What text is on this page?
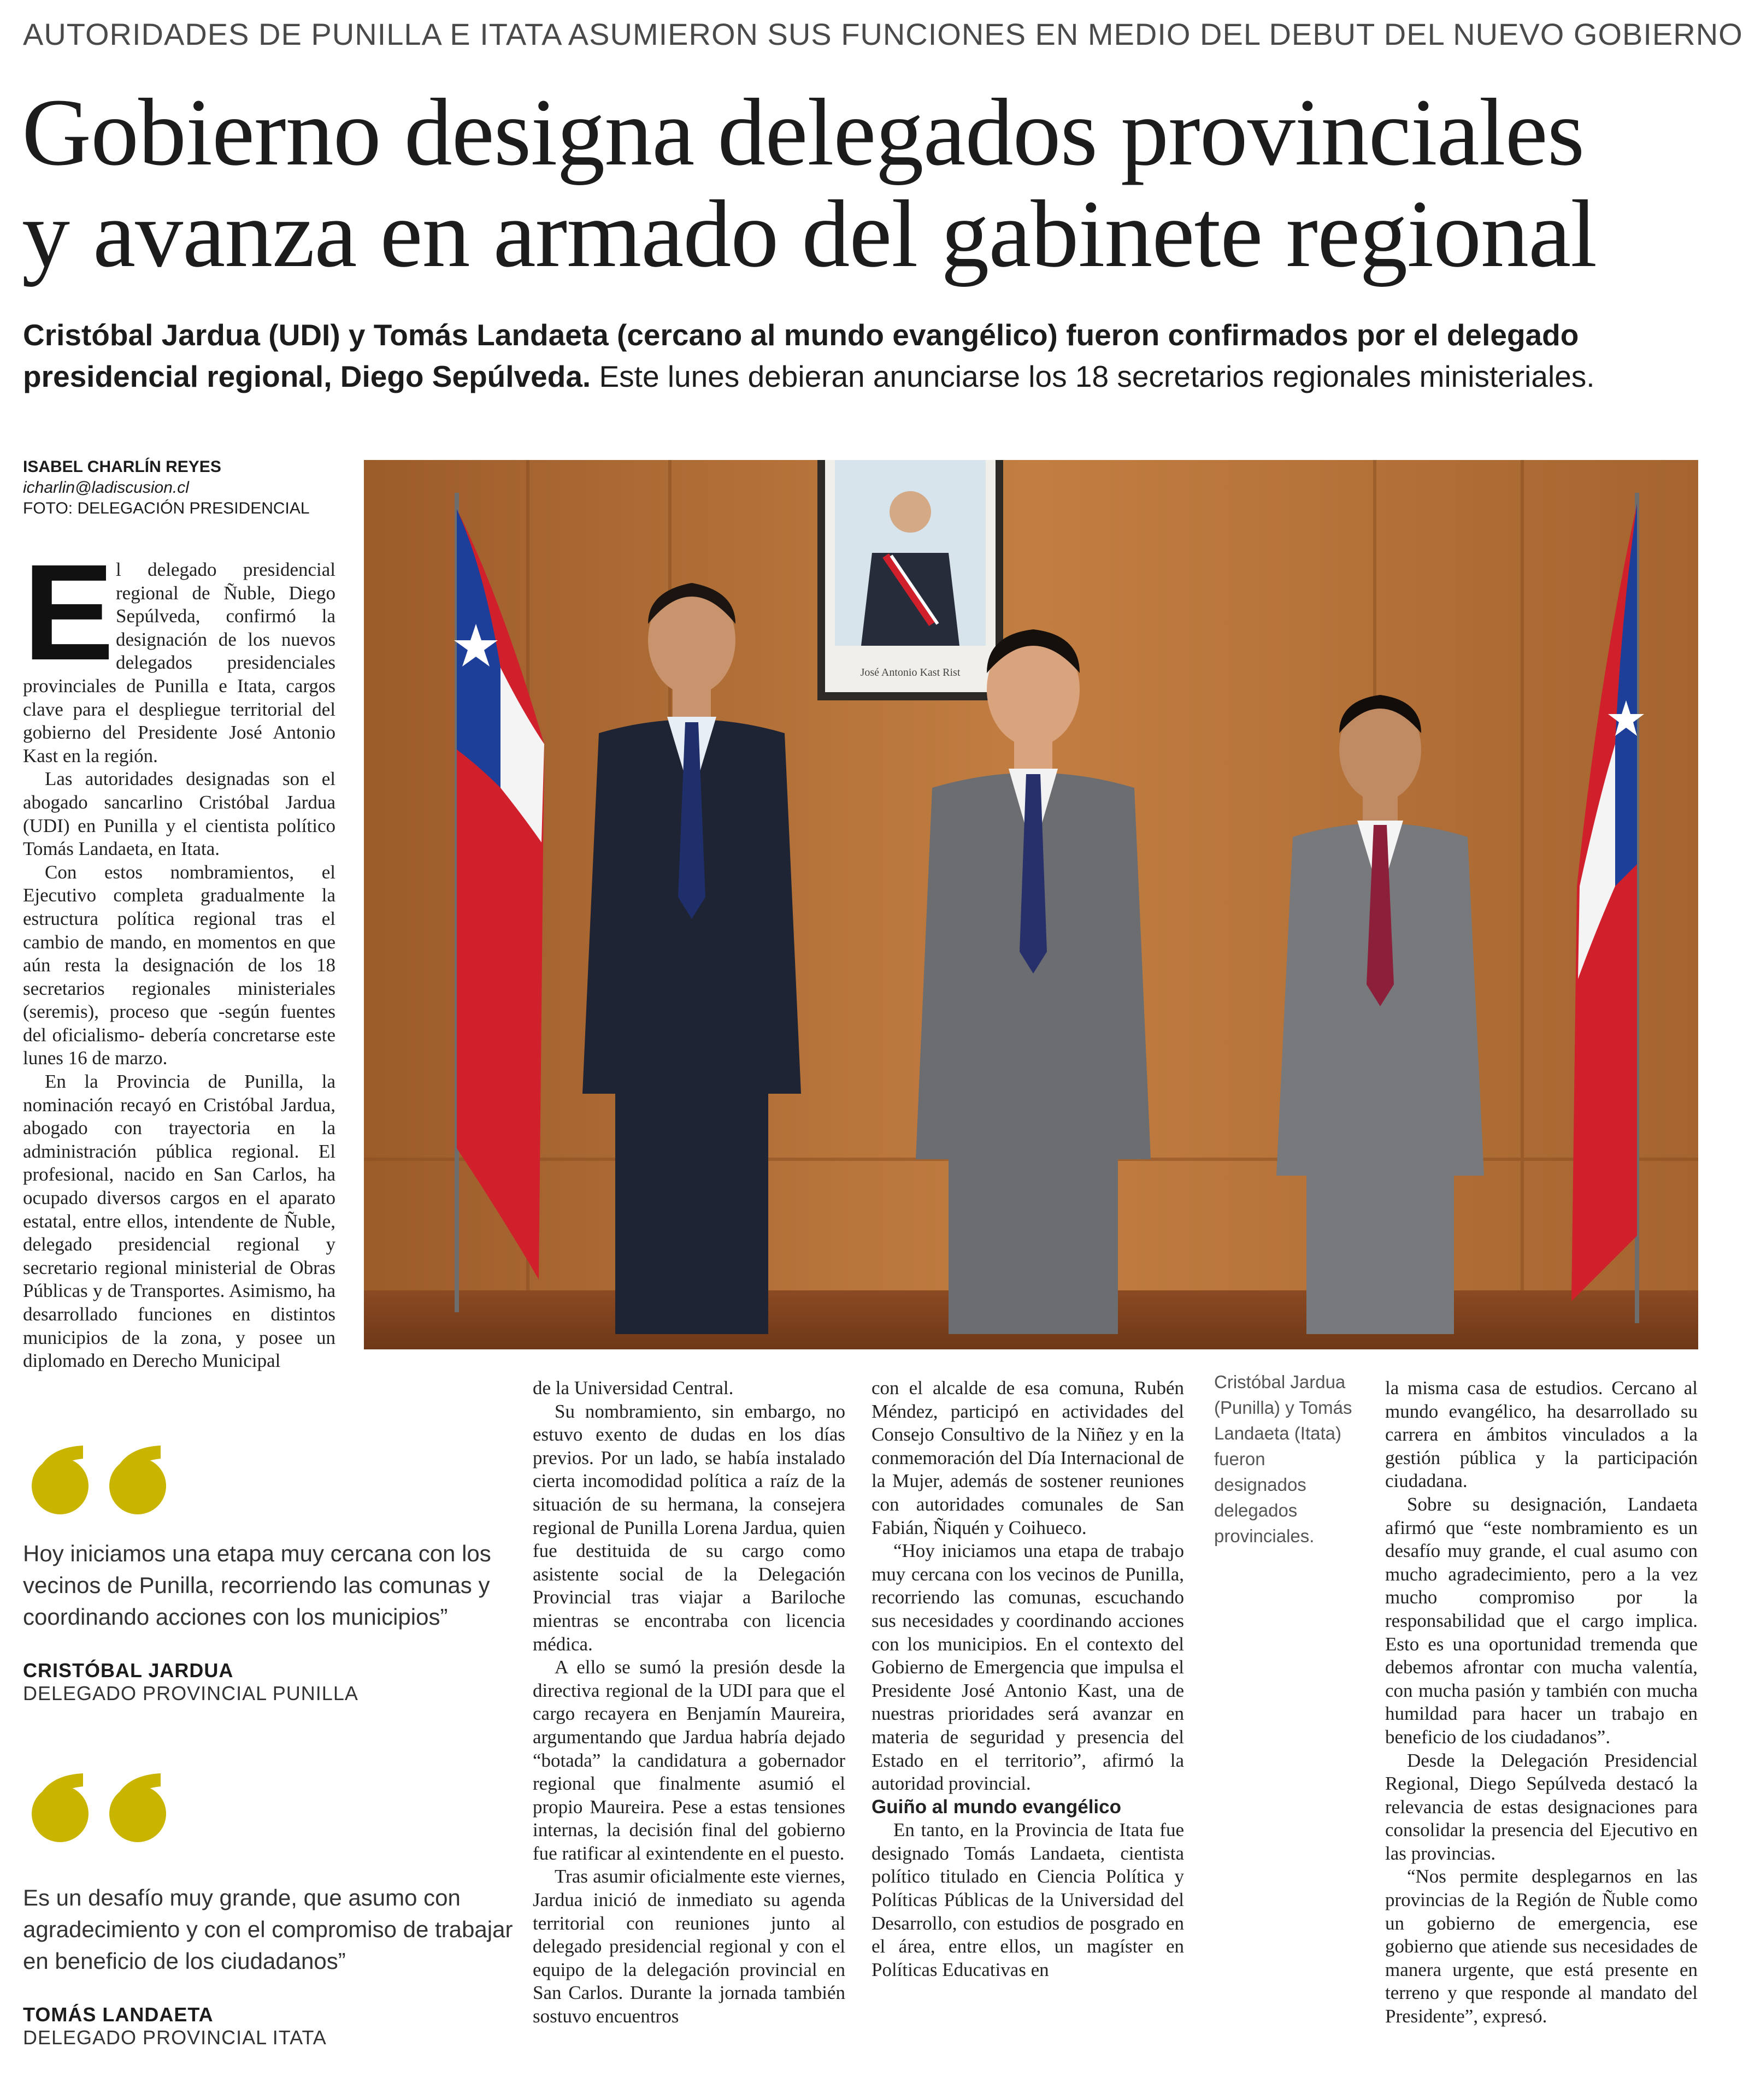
AUTORIDADES DE PUNILLA E ITATA ASUMIERON SUS FUNCIONES EN MEDIO DEL DEBUT DEL NUEVO GOBIERNO
Gobierno designa delegados provinciales
y avanza en armado del gabinete regional
Cristóbal Jardua (UDI) y Tomás Landaeta (cercano al mundo evangélico) fueron confirmados por el delegado presidencial regional, Diego Sepúlveda. Este lunes debieran anunciarse los 18 secretarios regionales ministeriales.
ISABEL CHARLÍN REYES
icharlin@ladiscusion.cl
FOTO: DELEGACIÓN PRESIDENCIAL

El delegado presidencial regional de Ñuble, Diego Sepúlveda, confirmó la designación de los nuevos delegados presidenciales provinciales de Punilla e Itata, cargos clave para el despliegue territorial del gobierno del Presidente José Antonio Kast en la región.

Las autoridades designadas son el abogado sancarlino Cristóbal Jardua (UDI) en Punilla y el cientista político Tomás Landaeta, en Itata.

Con estos nombramientos, el Ejecutivo completa gradualmente la estructura política regional tras el cambio de mando, en momentos en que aún resta la designación de los 18 secretarios regionales ministeriales (seremis), proceso que -según fuentes del oficialismo- debería concretarse este lunes 16 de marzo.

En la Provincia de Punilla, la nominación recayó en Cristóbal Jardua, abogado con trayectoria en la administración pública regional. El profesional, nacido en San Carlos, ha ocupado diversos cargos en el aparato estatal, entre ellos, intendente de Ñuble, delegado presidencial regional y secretario regional ministerial de Obras Públicas y de Transportes. Asimismo, ha desarrollado funciones en distintos municipios de la zona, y posee un diplomado en Derecho Municipal

José Antonio Kast Rist
Cristóbal Jardua (Punilla) y Tomás Landaeta (Itata) fueron designados delegados provinciales.

de la Universidad Central.

Su nombramiento, sin embargo, no estuvo exento de dudas en los días previos. Por un lado, se había instalado cierta incomodidad política a raíz de la situación de su hermana, la consejera regional de Punilla Lorena Jardua, quien fue destituida de su cargo como asistente social de la Delegación Provincial tras viajar a Bariloche mientras se encontraba con licencia médica.

A ello se sumó la presión desde la directiva regional de la UDI para que el cargo recayera en Benjamín Maureira, argumentando que Jardua habría dejado “botada” la candidatura a gobernador regional que finalmente asumió el propio Maureira. Pese a estas tensiones internas, la decisión final del gobierno fue ratificar al exintendente en el puesto.

Tras asumir oficialmente este viernes, Jardua inició de inmediato su agenda territorial con reuniones junto al delegado presidencial regional y con el equipo de la delegación provincial en San Carlos. Durante la jornada también sostuvo encuentros

con el alcalde de esa comuna, Rubén Méndez, participó en actividades del Consejo Consultivo de la Niñez y en la conmemoración del Día Internacional de la Mujer, además de sostener reuniones con autoridades comunales de San Fabián, Ñiquén y Coihueco.

“Hoy iniciamos una etapa de trabajo muy cercana con los vecinos de Punilla, recorriendo las comunas, escuchando sus necesidades y coordinando acciones con los municipios. En el contexto del Gobierno de Emergencia que impulsa el Presidente José Antonio Kast, una de nuestras prioridades será avanzar en materia de seguridad y presencia del Estado en el territorio”, afirmó la autoridad provincial.

Guiño al mundo evangélico

En tanto, en la Provincia de Itata fue designado Tomás Landaeta, cientista político titulado en Ciencia Política y Políticas Públicas de la Universidad del Desarrollo, con estudios de posgrado en el área, entre ellos, un magíster en Políticas Educativas en

la misma casa de estudios. Cercano al mundo evangélico, ha desarrollado su carrera en ámbitos vinculados a la gestión pública y la participación ciudadana.

Sobre su designación, Landaeta afirmó que “este nombramiento es un desafío muy grande, el cual asumo con mucho agradecimiento, pero a la vez mucho compromiso por la responsabilidad que el cargo implica. Esto es una oportunidad tremenda que debemos afrontar con mucha valentía, con mucha pasión y también con mucha humildad para hacer un trabajo en beneficio de los ciudadanos”.

Desde la Delegación Presidencial Regional, Diego Sepúlveda destacó la relevancia de estas designaciones para consolidar la presencia del Ejecutivo en las provincias.

“Nos permite desplegarnos en las provincias de la Región de Ñuble como un gobierno de emergencia, ese gobierno que atiende sus necesidades de manera urgente, que está presente en terreno y que responde al mandato del Presidente”, expresó.

Hoy iniciamos una etapa muy cercana con los vecinos de Punilla, recorriendo las comunas y coordinando acciones con los municipios”
CRISTÓBAL JARDUA
DELEGADO PROVINCIAL PUNILLA
Es un desafío muy grande, que asumo con agradecimiento y con el compromiso de trabajar en beneficio de los ciudadanos”
TOMÁS LANDAETA
DELEGADO PROVINCIAL ITATA
